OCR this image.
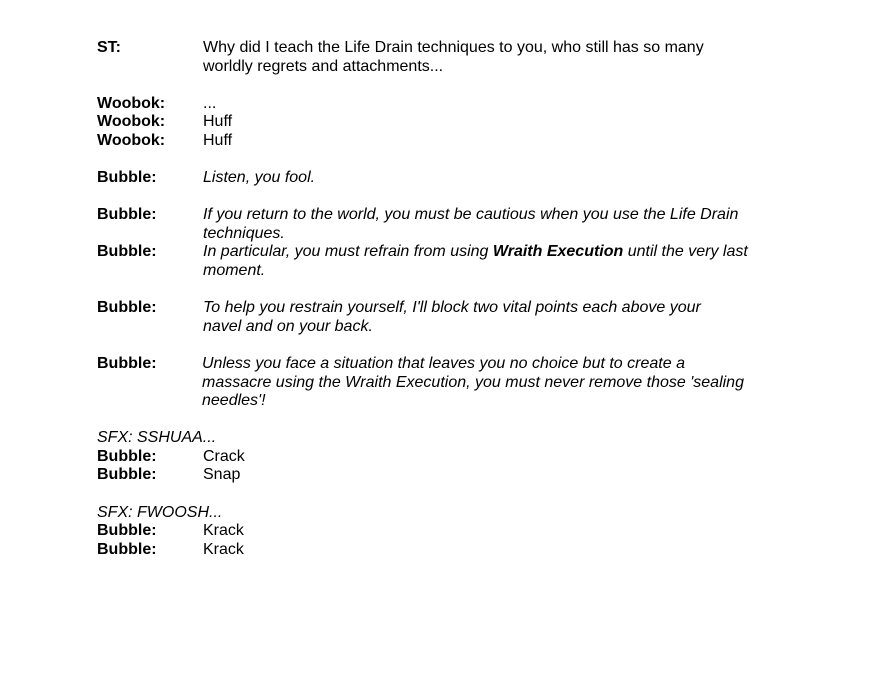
ST:	Why did I teach the Life Drain techniques to you, who still has so many
worldly regrets and attachments...
Woobok: ...
Woobok: Huff
Woobok: Huff
Bubble:	Listen, you fool.
Bubble:	If you return to the world, you must be cautious when you use the Life Drain
techniques.
Bubble:	In particular, you must refrain from using Wraith Execution until the very last
moment.
Bubble:	To help you restrain yourself, I'll block two vital points each above your
navel and on your back.
Bubble:	Unless you face a situation that leaves you no choice but to create a
massacre using the Wraith Execution, you must never remove those 'sealing
needles'!
SFX: SSHUAA...
Bubble:	Crack
Bubble:	Snap
SFX: FWOOSH...
Bubble:	Krack
Bubble:	Krack
